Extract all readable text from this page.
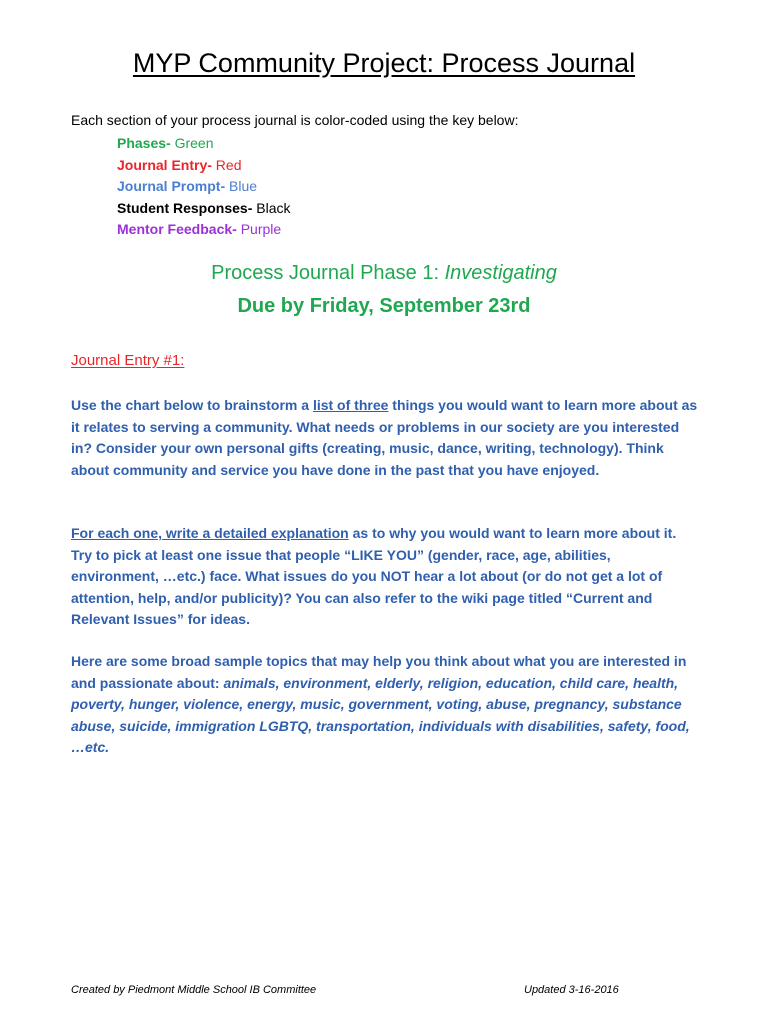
MYP Community Project: Process Journal

Each section of your process journal is color-coded using the key below:

Phases- Green
Journal Entry- Red
Journal Prompt- Blue
Student Responses- Black
Mentor Feedback- Purple
Process Journal Phase 1: Investigating
Due by Friday, September 23rd
Journal Entry #1:

Use the chart below to brainstorm a list of three things you would want to learn more about as it relates to serving a community. What needs or problems in our society are you interested in? Consider your own personal gifts (creating, music, dance, writing, technology). Think about community and service you have done in the past that you have enjoyed.

For each one, write a detailed explanation as to why you would want to learn more about it. Try to pick at least one issue that people “LIKE YOU” (gender, race, age, abilities, environment, …etc.) face. What issues do you NOT hear a lot about (or do not get a lot of attention, help, and/or publicity)? You can also refer to the wiki page titled “Current and Relevant Issues” for ideas.

Here are some broad sample topics that may help you think about what you are interested in and passionate about: animals, environment, elderly, religion, education, child care, health, poverty, hunger, violence, energy, music, government, voting, abuse, pregnancy, substance abuse, suicide, immigration LGBTQ, transportation, individuals with disabilities, safety, food, …etc.

Created by Piedmont Middle School IB Committee	Updated 3-16-2016
